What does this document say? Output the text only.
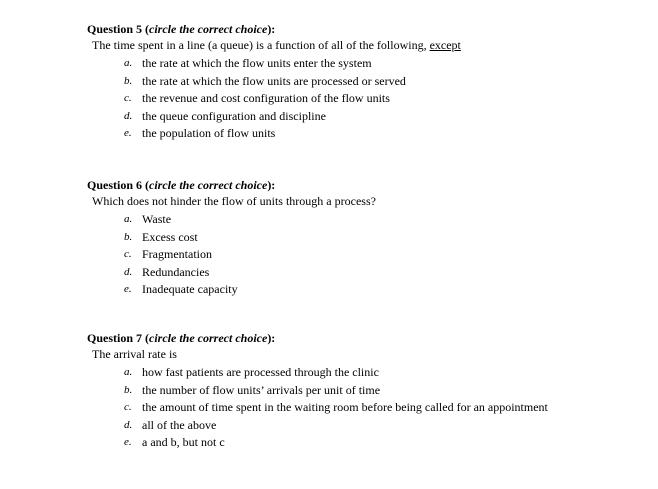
Question 5 (circle the correct choice):
The time spent in a line (a queue) is a function of all of the following, except
a. the rate at which the flow units enter the system
b. the rate at which the flow units are processed or served
c. the revenue and cost configuration of the flow units
d. the queue configuration and discipline
e. the population of flow units
Question 6 (circle the correct choice):
Which does not hinder the flow of units through a process?
a. Waste
b. Excess cost
c. Fragmentation
d. Redundancies
e. Inadequate capacity
Question 7 (circle the correct choice):
The arrival rate is
a. how fast patients are processed through the clinic
b. the number of flow units’ arrivals per unit of time
c. the amount of time spent in the waiting room before being called for an appointment
d. all of the above
e. a and b, but not c
